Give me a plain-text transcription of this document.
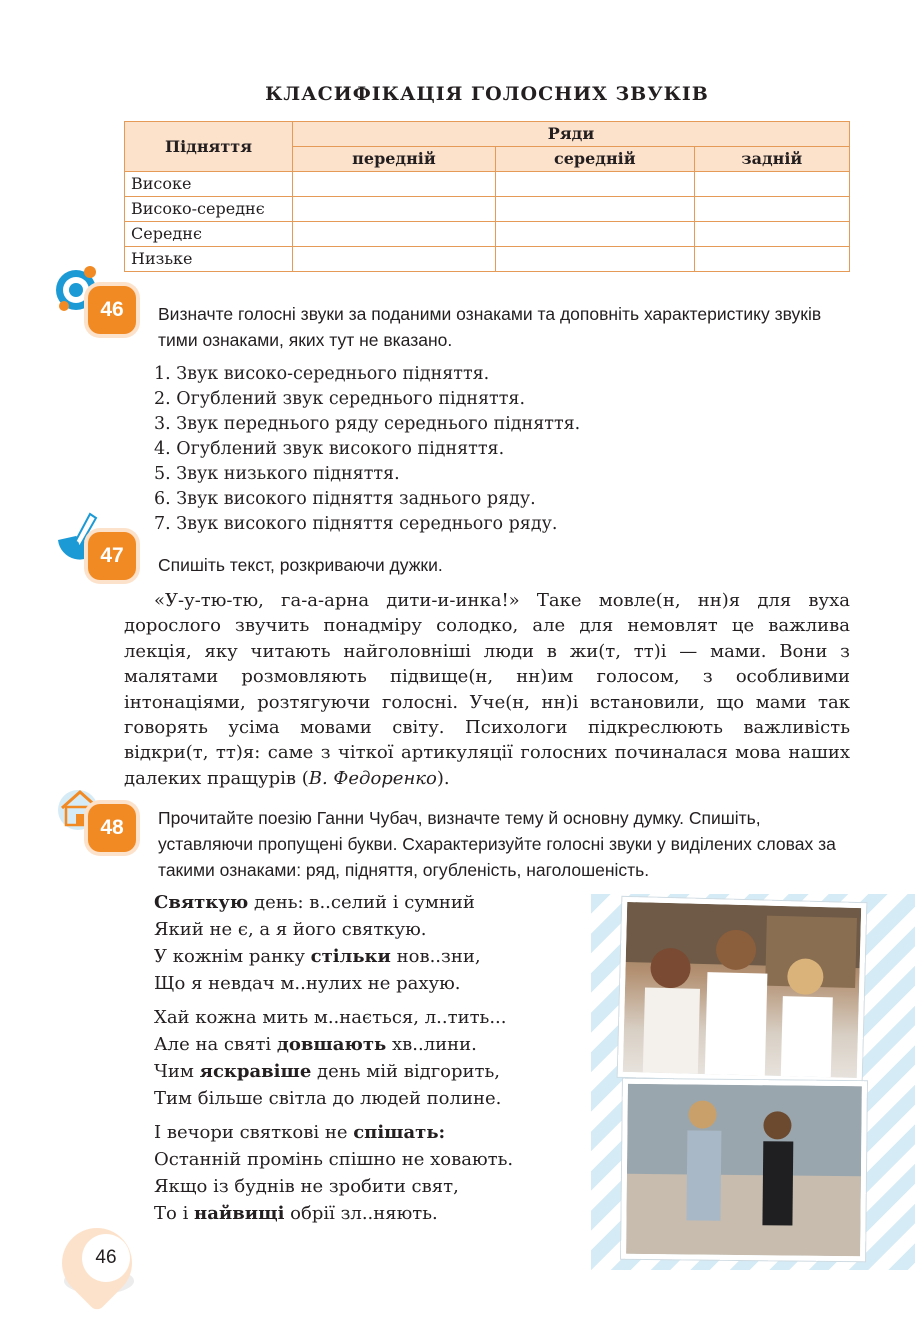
КЛАСИФІКАЦІЯ ГОЛОСНИХ ЗВУКІВ
Підняття	Ряди		
	передній	середній	задній
Високе			
Високо-середнє			
Середнє			
Низьке			
46	Визначте голосні звуки за поданими ознаками та доповніть характеристику звуків тими ознаками, яких тут не вказано.
1. Звук високо-середнього підняття.
2. Огублений звук середнього підняття.
3. Звук переднього ряду середнього підняття.
4. Огублений звук високого підняття.
5. Звук низького підняття.
6. Звук високого підняття заднього ряду.
7. Звук високого підняття середнього ряду.
47	Спишіть текст, розкриваючи дужки.
«У-у-тю-тю, га-а-арна дити-и-инка!» Таке мовле(н, нн)я для вуха дорослого звучить понадміру солодко, але для немовлят це важлива лекція, яку читають найголовніші люди в жи(т, тт)і — мами. Вони з малятами розмовляють підвище(н, нн)им голосом, з особливими інтонаціями, розтягуючи голосні. Уче(н, нн)і встановили, що мами так говорять усіма мовами світу. Психологи підкреслюють важливість відкри(т, тт)я: саме з чіткої артикуляції голосних починалася мова наших далеких пращурів (В. Федоренко).
48	Прочитайте поезію Ганни Чубач, визначте тему й основну думку. Спишіть, уставляючи пропущені букви. Схарактеризуйте голосні звуки у виділених словах за такими ознаками: ряд, підняття, огубленість, наголошеність.
Святкую день: в..селий і сумний
Який не є, а я його святкую.
У кожнім ранку стільки нов..зни,
Що я невдач м..нулих не рахую.
Хай кожна мить м..нається, л..тить...
Але на святі довшають хв..лини.
Чим яскравіше день мій відгорить,
Тим більше світла до людей полине.
І вечори святкові не спішать:
Останній промінь спішно не ховають.
Якщо із буднів не зробити свят,
То і найвищі обрії зл..няють.
46
